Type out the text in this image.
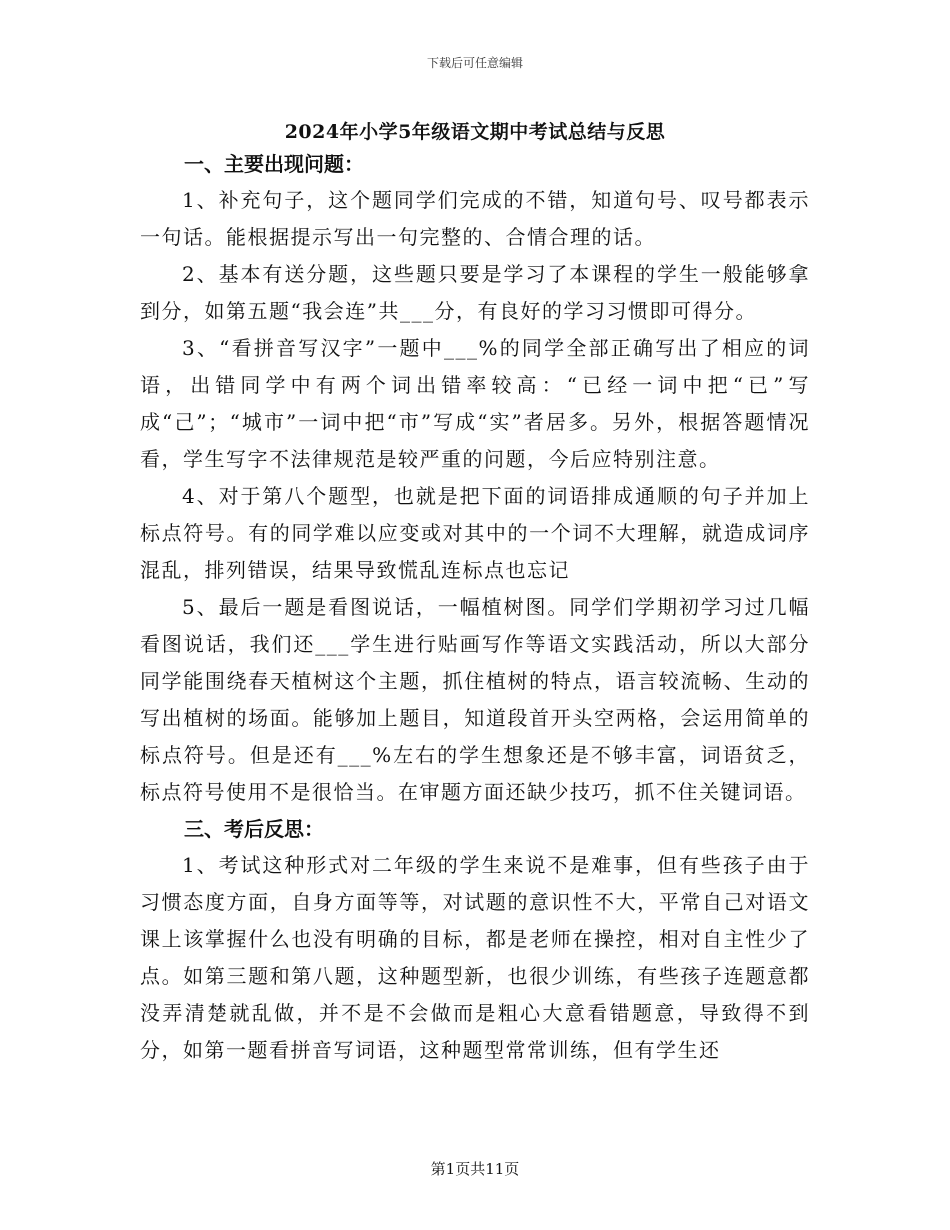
下载后可任意编辑
2024年小学5年级语文期中考试总结与反思
一、主要出现问题：

1、补充句子，这个题同学们完成的不错，知道句号、叹号都表示一句话。能根据提示写出一句完整的、合情合理的话。

2、基本有送分题，这些题只要是学习了本课程的学生一般能够拿到分，如第五题“我会连”共___分，有良好的学习习惯即可得分。

3、“看拼音写汉字”一题中___%的同学全部正确写出了相应的词语，出错同学中有两个词出错率较高：“已经一词中把“已”写成“己”；“城市”一词中把“市”写成“实”者居多。另外，根据答题情况看，学生写字不法律规范是较严重的问题，今后应特别注意。

4、对于第八个题型，也就是把下面的词语排成通顺的句子并加上标点符号。有的同学难以应变或对其中的一个词不大理解，就造成词序混乱，排列错误，结果导致慌乱连标点也忘记

5、最后一题是看图说话，一幅植树图。同学们学期初学习过几幅看图说话，我们还___学生进行贴画写作等语文实践活动，所以大部分同学能围绕春天植树这个主题，抓住植树的特点，语言较流畅、生动的写出植树的场面。能够加上题目，知道段首开头空两格，会运用简单的标点符号。但是还有___%左右的学生想象还是不够丰富，词语贫乏，标点符号使用不是很恰当。在审题方面还缺少技巧，抓不住关键词语。

三、考后反思：

1、考试这种形式对二年级的学生来说不是难事，但有些孩子由于习惯态度方面，自身方面等等，对试题的意识性不大，平常自己对语文课上该掌握什么也没有明确的目标，都是老师在操控，相对自主性少了点。如第三题和第八题，这种题型新，也很少训练，有些孩子连题意都没弄清楚就乱做，并不是不会做而是粗心大意看错题意，导致得不到分，如第一题看拼音写词语，这种题型常常训练，但有学生还

第1页共11页
